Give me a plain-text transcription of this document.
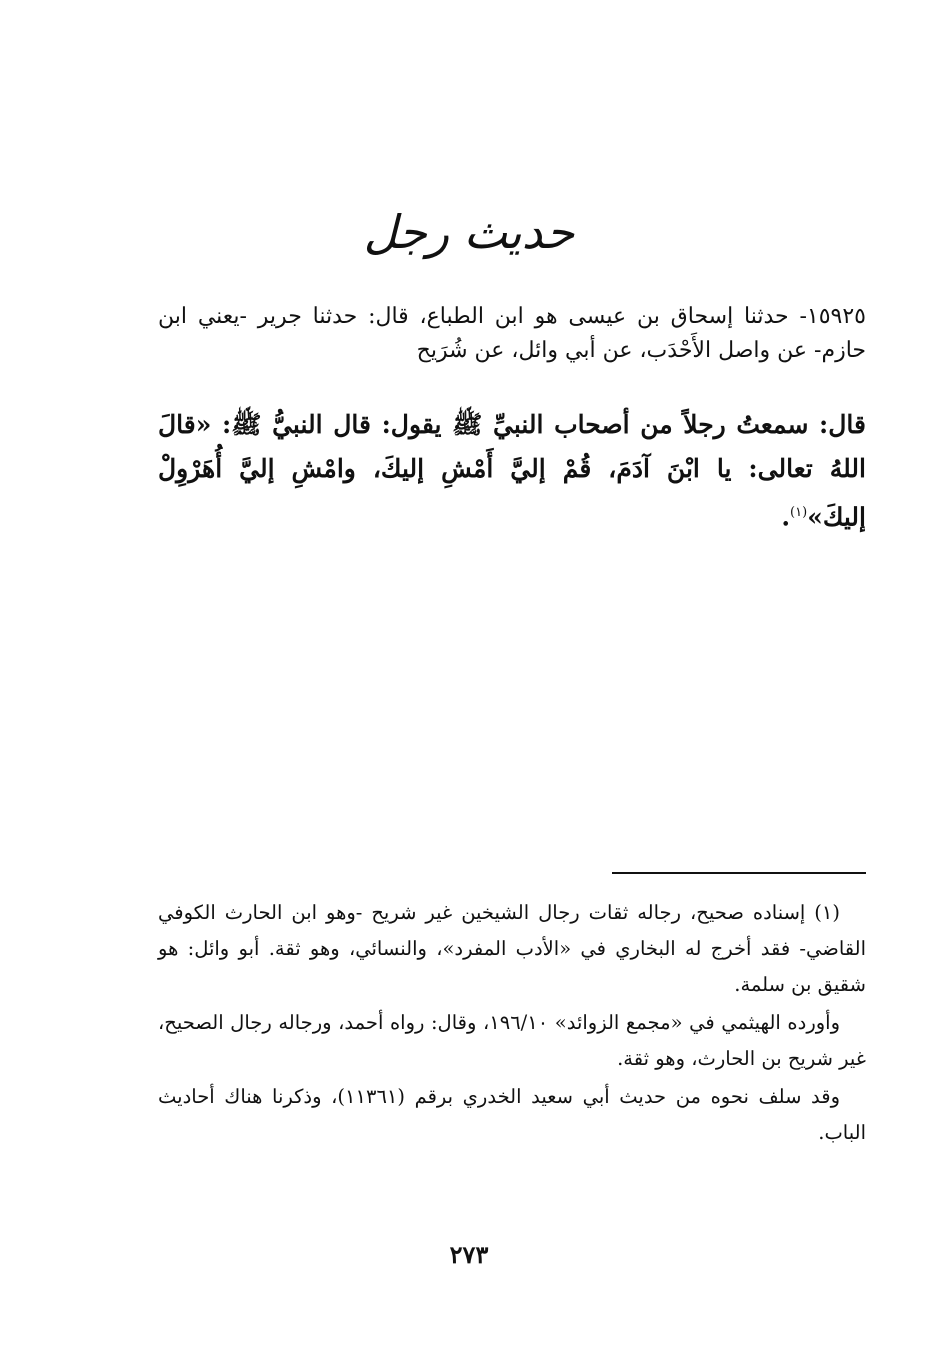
حديث رجل
١٥٩٢٥- حدثنا إسحاق بن عيسى هو ابن الطباع، قال: حدثنا جرير -يعني ابن حازم- عن واصل الأَحْدَب، عن أبي وائل، عن شُرَيح
قال: سمعتُ رجلاً من أصحاب النبيِّ ﷺ يقول: قال النبيُّ ﷺ: «قالَ اللهُ تعالى: يا ابْنَ آدَمَ، قُمْ إليَّ أَمْشِ إليكَ، وامْشِ إليَّ أُهَرْوِلْ إليكَ»$^{(١)}$.

(١) إسناده صحيح، رجاله ثقات رجال الشيخين غير شريح -وهو ابن الحارث الكوفي القاضي- فقد أخرج له البخاري في «الأدب المفرد»، والنسائي، وهو ثقة. أبو وائل: هو شقيق بن سلمة.

وأورده الهيثمي في «مجمع الزوائد» ١٩٦/١٠، وقال: رواه أحمد، ورجاله رجال الصحيح، غير شريح بن الحارث، وهو ثقة.

وقد سلف نحوه من حديث أبي سعيد الخدري برقم (١١٣٦١)، وذكرنا هناك أحاديث الباب.

٢٧٣
